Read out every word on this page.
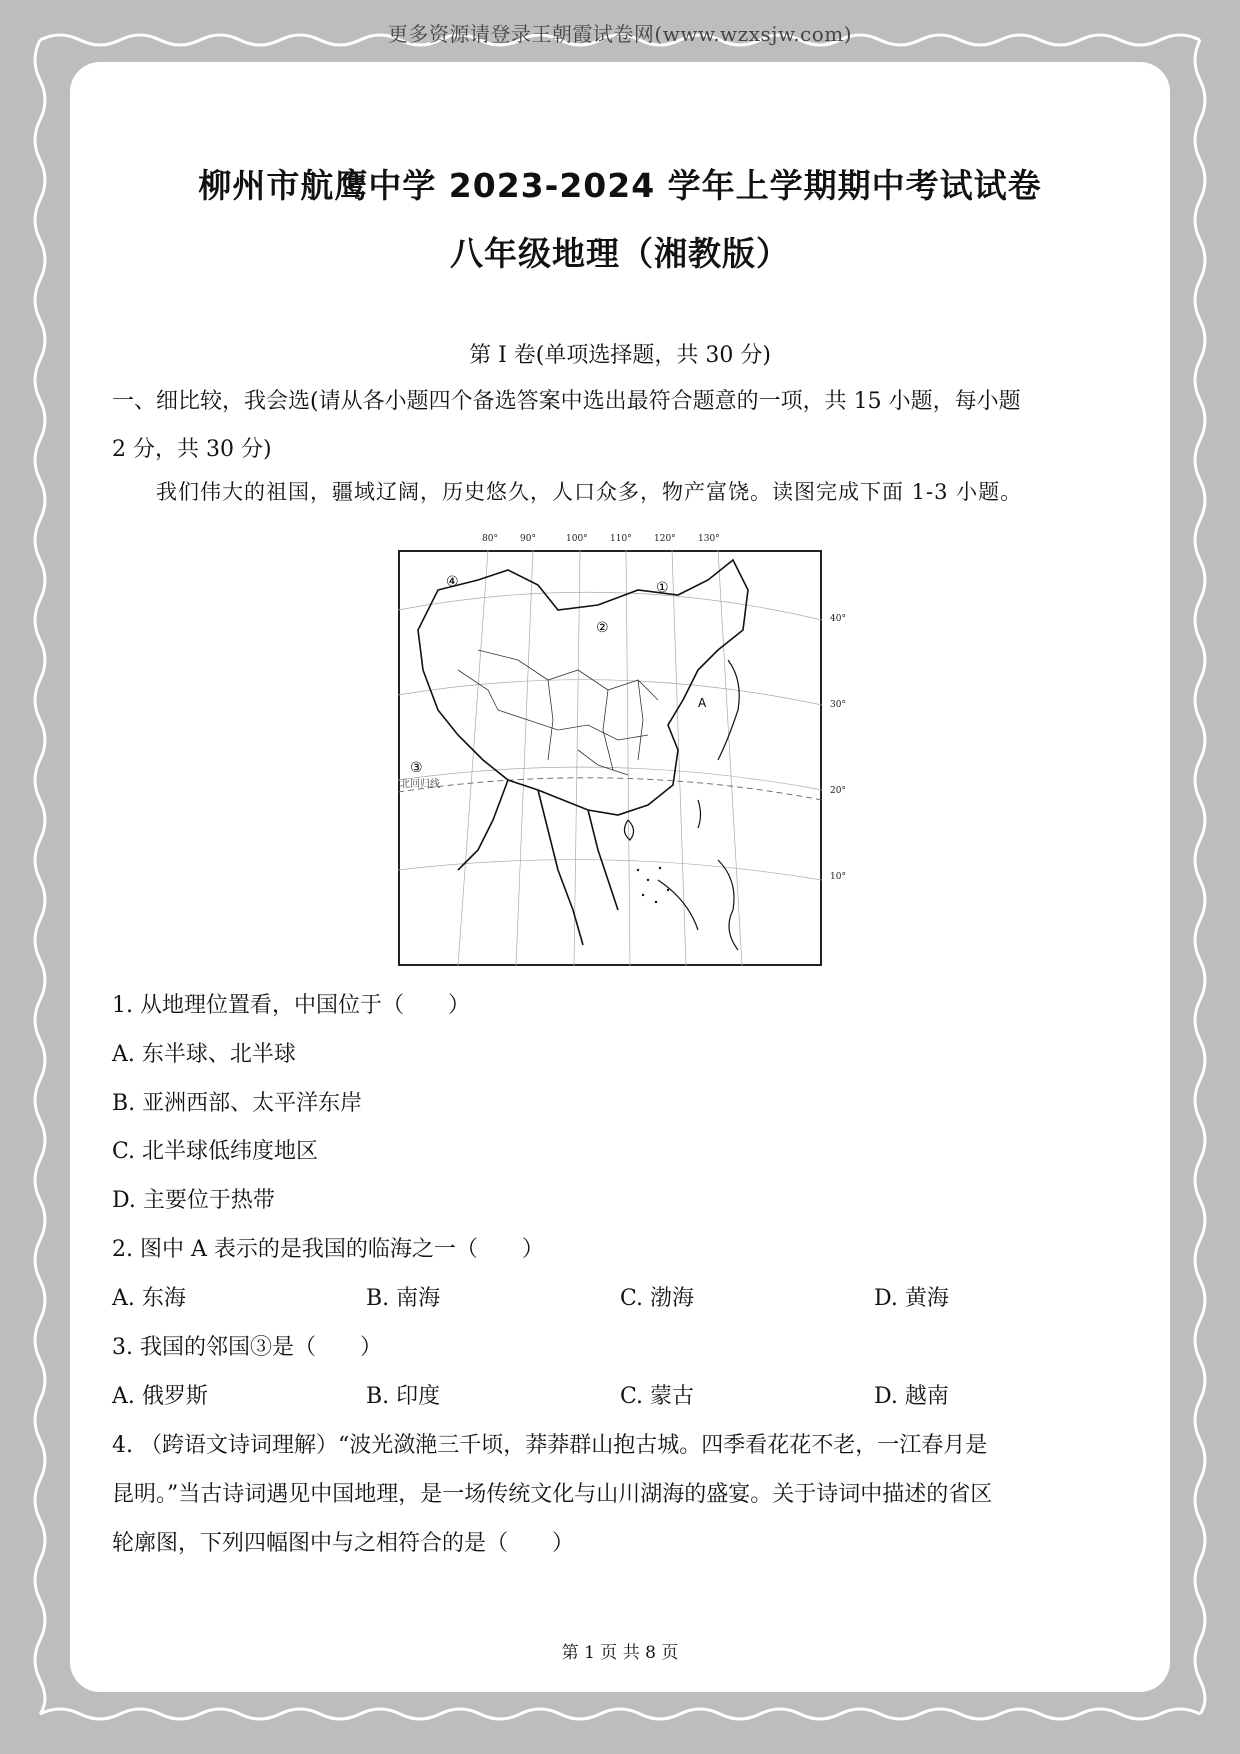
更多资源请登录王朝霞试卷网(www.wzxsjw.com)
柳州市航鹰中学 2023-2024 学年上学期期中考试试卷
八年级地理（湘教版）
第 I 卷(单项选择题，共 30 分)
一、细比较，我会选(请从各小题四个备选答案中选出最符合题意的一项，共 15 小题，每小题
2 分，共 30 分)
我们伟大的祖国，疆域辽阔，历史悠久，人口众多，物产富饶。读图完成下面 1-3 小题。
80° 90°	100° 110° 120° 130°
40°
30°
20°
10°
①
②
③
④
A
北回归线
1. 从地理位置看，中国位于（　　）
A. 东半球、北半球
B. 亚洲西部、太平洋东岸
C. 北半球低纬度地区
D. 主要位于热带
2. 图中 A 表示的是我国的临海之一（　　）
A. 东海	B. 南海	C. 渤海	D. 黄海
3. 我国的邻国③是（　　）
A. 俄罗斯	B. 印度	C. 蒙古	D. 越南
4. （跨语文诗词理解）“波光潋滟三千顷，莽莽群山抱古城。四季看花花不老，一江春月是
昆明。”当古诗词遇见中国地理，是一场传统文化与山川湖海的盛宴。关于诗词中描述的省区
轮廓图，下列四幅图中与之相符合的是（　　）
第 1 页 共 8 页
